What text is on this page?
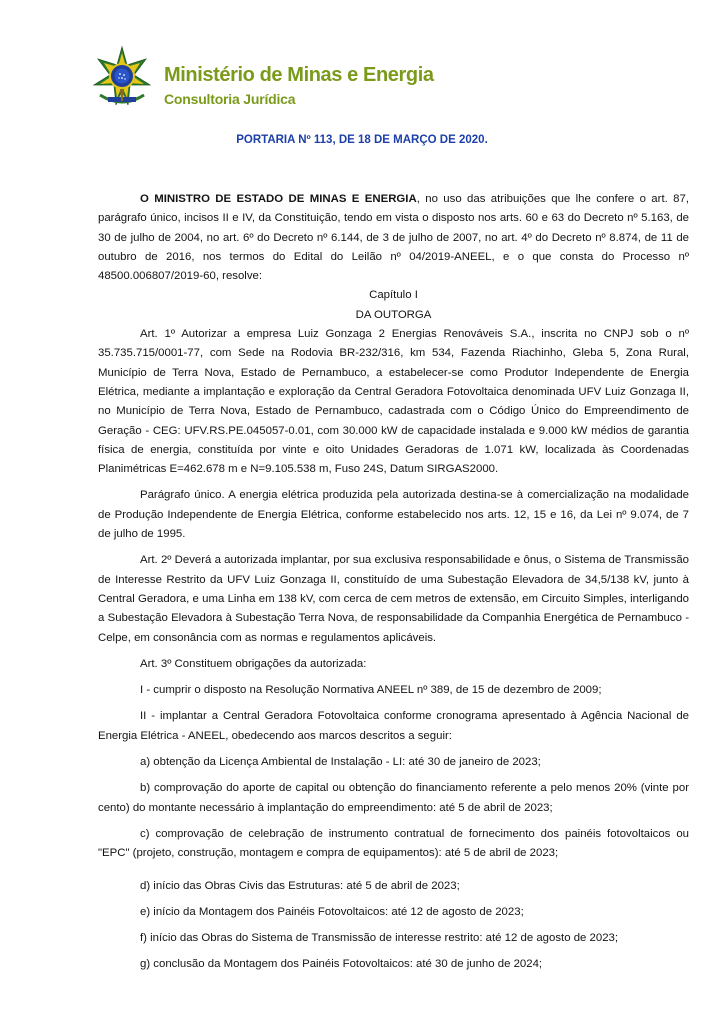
Ministério de Minas e Energia
Consultoria Jurídica
PORTARIA Nº 113, DE 18 DE MARÇO DE 2020.

O MINISTRO DE ESTADO DE MINAS E ENERGIA, no uso das atribuições que lhe confere o art. 87, parágrafo único, incisos II e IV, da Constituição, tendo em vista o disposto nos arts. 60 e 63 do Decreto nº 5.163, de 30 de julho de 2004, no art. 6º do Decreto nº 6.144, de 3 de julho de 2007, no art. 4º do Decreto nº 8.874, de 11 de outubro de 2016, nos termos do Edital do Leilão nº 04/2019-ANEEL, e o que consta do Processo nº 48500.006807/2019-60, resolve:

Capítulo I

DA OUTORGA

Art. 1º Autorizar a empresa Luiz Gonzaga 2 Energias Renováveis S.A., inscrita no CNPJ sob o nº 35.735.715/0001-77, com Sede na Rodovia BR-232/316, km 534, Fazenda Riachinho, Gleba 5, Zona Rural, Município de Terra Nova, Estado de Pernambuco, a estabelecer-se como Produtor Independente de Energia Elétrica, mediante a implantação e exploração da Central Geradora Fotovoltaica denominada UFV Luiz Gonzaga II, no Município de Terra Nova, Estado de Pernambuco, cadastrada com o Código Único do Empreendimento de Geração - CEG: UFV.RS.PE.045057-0.01, com 30.000 kW de capacidade instalada e 9.000 kW médios de garantia física de energia, constituída por vinte e oito Unidades Geradoras de 1.071 kW, localizada às Coordenadas Planimétricas E=462.678 m e N=9.105.538 m, Fuso 24S, Datum SIRGAS2000.

Parágrafo único. A energia elétrica produzida pela autorizada destina-se à comercialização na modalidade de Produção Independente de Energia Elétrica, conforme estabelecido nos arts. 12, 15 e 16, da Lei nº 9.074, de 7 de julho de 1995.

Art. 2º Deverá a autorizada implantar, por sua exclusiva responsabilidade e ônus, o Sistema de Transmissão de Interesse Restrito da UFV Luiz Gonzaga II, constituído de uma Subestação Elevadora de 34,5/138 kV, junto à Central Geradora, e uma Linha em 138 kV, com cerca de cem metros de extensão, em Circuito Simples, interligando a Subestação Elevadora à Subestação Terra Nova, de responsabilidade da Companhia Energética de Pernambuco - Celpe, em consonância com as normas e regulamentos aplicáveis.

Art. 3º Constituem obrigações da autorizada:

I - cumprir o disposto na Resolução Normativa ANEEL nº 389, de 15 de dezembro de 2009;

II - implantar a Central Geradora Fotovoltaica conforme cronograma apresentado à Agência Nacional de Energia Elétrica - ANEEL, obedecendo aos marcos descritos a seguir:

a) obtenção da Licença Ambiental de Instalação - LI: até 30 de janeiro de 2023;

b) comprovação do aporte de capital ou obtenção do financiamento referente a pelo menos 20% (vinte por cento) do montante necessário à implantação do empreendimento: até 5 de abril de 2023;

c) comprovação de celebração de instrumento contratual de fornecimento dos painéis fotovoltaicos ou "EPC" (projeto, construção, montagem e compra de equipamentos): até 5 de abril de 2023;

d) início das Obras Civis das Estruturas: até 5 de abril de 2023;

e) início da Montagem dos Painéis Fotovoltaicos: até 12 de agosto de 2023;

f) início das Obras do Sistema de Transmissão de interesse restrito: até 12 de agosto de 2023;

g) conclusão da Montagem dos Painéis Fotovoltaicos: até 30 de junho de 2024;
